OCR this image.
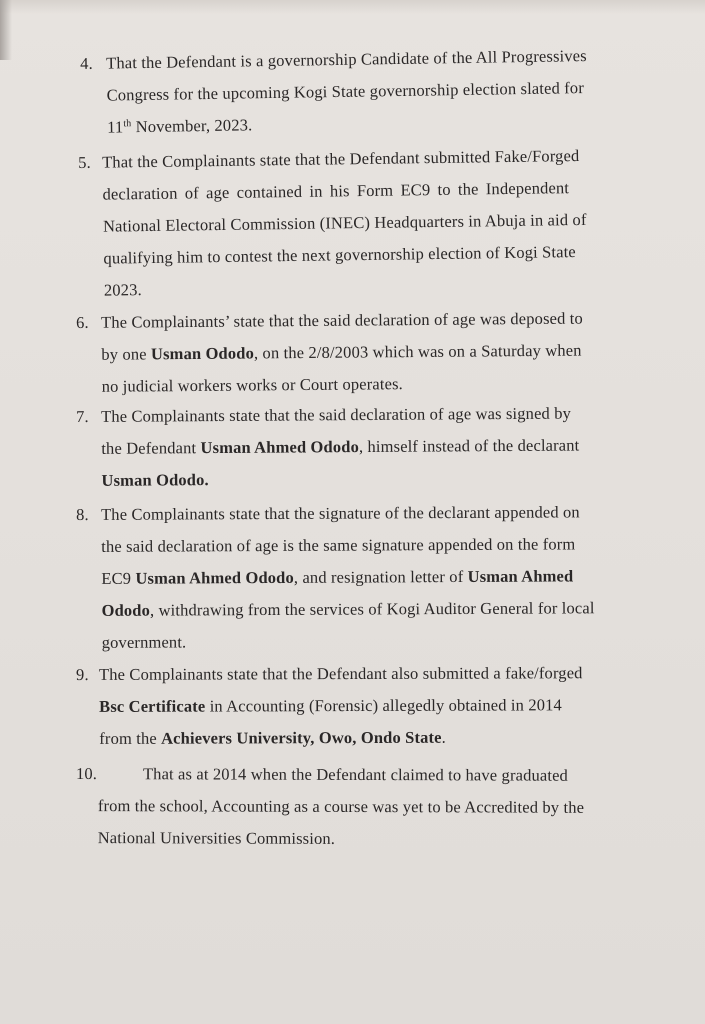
4. That the Defendant is a governorship Candidate of the All Progressives
Congress for the upcoming Kogi State governorship election slated for
11th November, 2023.
5. That the Complainants state that the Defendant submitted Fake/Forged
declaration of age contained in his Form EC9 to the Independent
National Electoral Commission (INEC) Headquarters in Abuja in aid of
qualifying him to contest the next governorship election of Kogi State
2023.
6. The Complainants’ state that the said declaration of age was deposed to
by one Usman Ododo, on the 2/8/2003 which was on a Saturday when
no judicial workers works or Court operates.
7. The Complainants state that the said declaration of age was signed by
the Defendant Usman Ahmed Ododo, himself instead of the declarant
Usman Ododo.
8. The Complainants state that the signature of the declarant appended on
the said declaration of age is the same signature appended on the form
EC9 Usman Ahmed Ododo, and resignation letter of Usman Ahmed
Ododo, withdrawing from the services of Kogi Auditor General for local
government.
9. The Complainants state that the Defendant also submitted a fake/forged
Bsc Certificate in Accounting (Forensic) allegedly obtained in 2014
from the Achievers University, Owo, Ondo State.
10.	That as at 2014 when the Defendant claimed to have graduated
from the school, Accounting as a course was yet to be Accredited by the
National Universities Commission.
